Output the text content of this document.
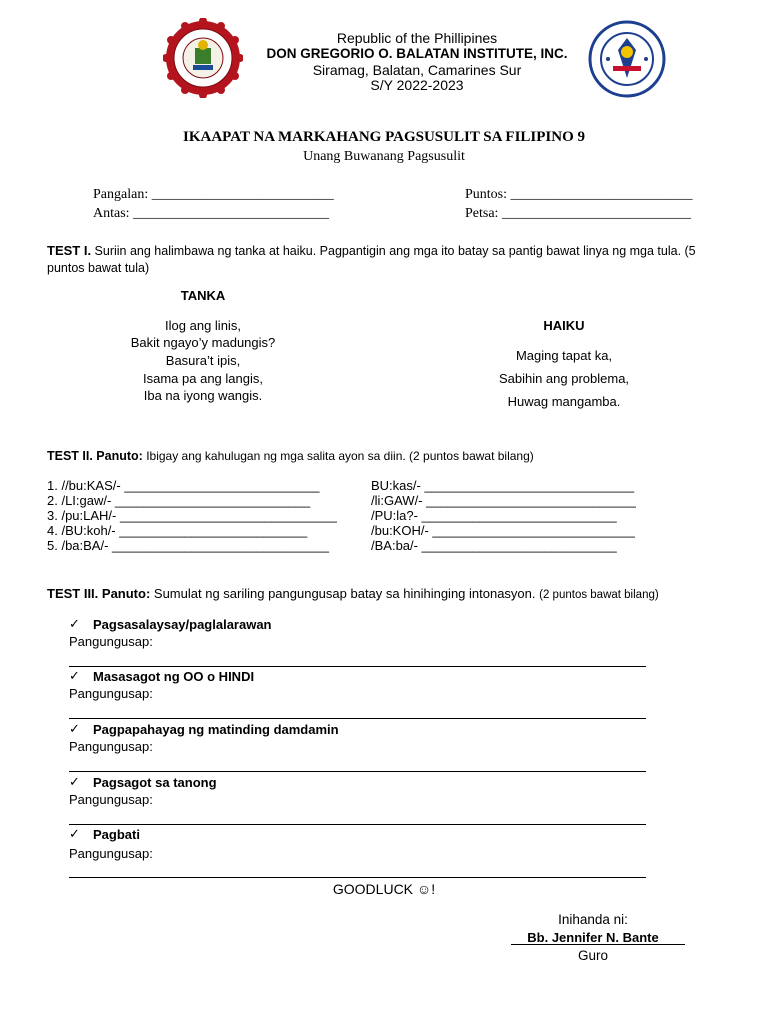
Republic of the Phillipines
DON GREGORIO O. BALATAN INSTITUTE, INC.
Siramag, Balatan, Camarines Sur
S/Y 2022-2023
IKAAPAT NA MARKAHANG PAGSUSULIT SA FILIPINO 9
Unang Buwanang Pagsusulit
Pangalan: __________________________
Antas: ____________________________
Puntos: __________________________
Petsa: ___________________________
TEST I. Suriin ang halimbawa ng tanka at haiku. Pagpantigin ang mga ito batay sa pantig bawat linya ng mga tula. (5
puntos bawat tula)
TANKA
Ilog ang linis,
Bakit ngayo’y madungis?
Basura’t ipis,
Isama pa ang langis,
Iba na iyong wangis.
HAIKU
Maging tapat ka,
Sabihin ang problema,
Huwag mangamba.
TEST II. Panuto: Ibigay ang kahulugan ng mga salita ayon sa diin. (2 puntos bawat bilang)
1. //bu:KAS/- ___________________________
2. /LI:gaw/- ___________________________
3. /pu:LAH/- ______________________________
4. /BU:koh/- __________________________
5. /ba:BA/- ______________________________
BU:kas/- _____________________________
/li:GAW/- _____________________________
/PU:la?- ___________________________
/bu:KOH/- ____________________________
/BA:ba/- ___________________________
TEST III. Panuto: Sumulat ng sariling pangungusap batay sa hinihinging intonasyon. (2 puntos bawat bilang)
✓ Pagsasalaysay/paglalarawan
Pangungusap:
✓ Masasagot ng OO o HINDI
Pangungusap:
✓ Pagpapahayag ng matinding damdamin
Pangungusap:
✓ Pagsagot sa tanong
Pangungusap:
✓ Pagbati
Pangungusap:
GOODLUCK ☺!
Inihanda ni:
Bb. Jennifer N. Bante
Guro
